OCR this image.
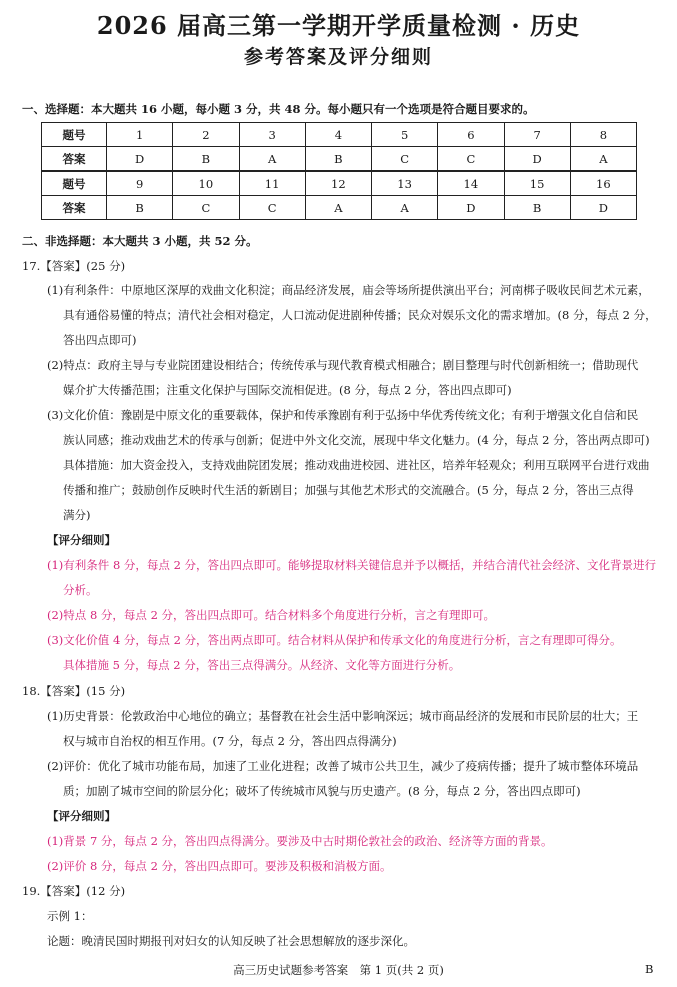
2026 届高三第一学期开学质量检测 · 历史
参考答案及评分细则
一、选择题：本大题共 16 小题，每小题 3 分，共 48 分。每小题只有一个选项是符合题目要求的。
题号	1	2	3	4	5	6	7	8
答案	D	B	A	B	C	C	D	A
题号	9	10	11	12	13	14	15	16
答案	B	C	C	A	A	D	B	D
二、非选择题：本大题共 3 小题，共 52 分。
17.【答案】(25 分)
(1)有利条件：中原地区深厚的戏曲文化积淀；商品经济发展，庙会等场所提供演出平台；河南梆子吸收民间艺术元素，
具有通俗易懂的特点；清代社会相对稳定，人口流动促进剧种传播；民众对娱乐文化的需求增加。(8 分，每点 2 分，
答出四点即可)
(2)特点：政府主导与专业院团建设相结合；传统传承与现代教育模式相融合；剧目整理与时代创新相统一；借助现代
媒介扩大传播范围；注重文化保护与国际交流相促进。(8 分，每点 2 分，答出四点即可)
(3)文化价值：豫剧是中原文化的重要载体，保护和传承豫剧有利于弘扬中华优秀传统文化；有利于增强文化自信和民
族认同感；推动戏曲艺术的传承与创新；促进中外文化交流，展现中华文化魅力。(4 分，每点 2 分，答出两点即可)
具体措施：加大资金投入，支持戏曲院团发展；推动戏曲进校园、进社区，培养年轻观众；利用互联网平台进行戏曲
传播和推广；鼓励创作反映时代生活的新剧目；加强与其他艺术形式的交流融合。(5 分，每点 2 分，答出三点得
满分)
【评分细则】
(1)有利条件 8 分，每点 2 分，答出四点即可。能够提取材料关键信息并予以概括，并结合清代社会经济、文化背景进行
分析。
(2)特点 8 分，每点 2 分，答出四点即可。结合材料多个角度进行分析，言之有理即可。
(3)文化价值 4 分，每点 2 分，答出两点即可。结合材料从保护和传承文化的角度进行分析，言之有理即可得分。
具体措施 5 分，每点 2 分，答出三点得满分。从经济、文化等方面进行分析。
18.【答案】(15 分)
(1)历史背景：伦敦政治中心地位的确立；基督教在社会生活中影响深远；城市商品经济的发展和市民阶层的壮大；王
权与城市自治权的相互作用。(7 分，每点 2 分，答出四点得满分)
(2)评价：优化了城市功能布局，加速了工业化进程；改善了城市公共卫生，减少了疫病传播；提升了城市整体环境品
质；加剧了城市空间的阶层分化；破坏了传统城市风貌与历史遗产。(8 分，每点 2 分，答出四点即可)
【评分细则】
(1)背景 7 分，每点 2 分，答出四点得满分。要涉及中古时期伦敦社会的政治、经济等方面的背景。
(2)评价 8 分，每点 2 分，答出四点即可。要涉及积极和消极方面。
19.【答案】(12 分)
示例 1：
论题：晚清民国时期报刊对妇女的认知反映了社会思想解放的逐步深化。
高三历史试题参考答案　第 1 页(共 2 页)	B
